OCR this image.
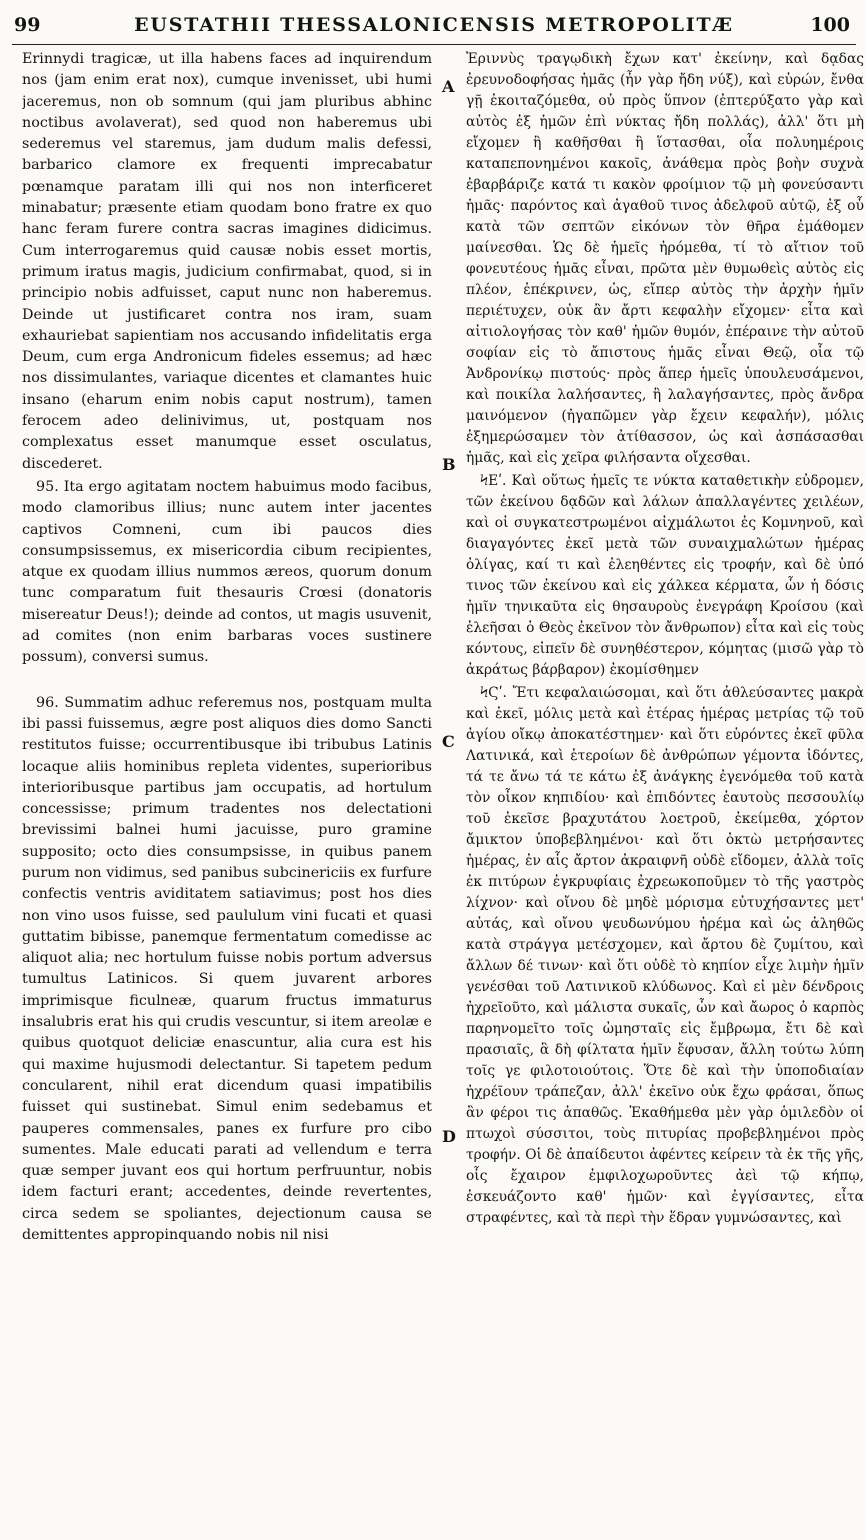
99	EUSTATHII THESSALONICENSIS METROPOLITÆ	100

Erinnydi tragicæ, ut illa habens faces ad inquirendum nos (jam enim erat nox), cumque invenisset, ubi humi jaceremus, non ob somnum (qui jam pluribus abhinc noctibus avolaverat), sed quod non haberemus ubi sederemus vel staremus, jam dudum malis defessi, barbarico clamore ex frequenti imprecabatur pœnamque paratam illi qui nos non interficeret minabatur; præsente etiam quodam bono fratre ex quo hanc feram furere contra sacras imagines didicimus. Cum interrogaremus quid causæ nobis esset mortis, primum iratus magis, judicium confirmabat, quod, si in principio nobis adfuisset, caput nunc non haberemus. Deinde ut justificaret contra nos iram, suam exhauriebat sapientiam nos accusando infidelitatis erga Deum, cum erga Andronicum fideles essemus; ad hæc nos dissimulantes, variaque dicentes et clamantes huic insano (eharum enim nobis caput nostrum), tamen ferocem adeo delinivimus, ut, postquam nos complexatus esset manumque esset osculatus, discederet.

95. Ita ergo agitatam noctem habuimus modo facibus, modo clamoribus illius; nunc autem inter jacentes captivos Comneni, cum ibi paucos dies consumpsissemus, ex misericordia cibum recipientes, atque ex quodam illius nummos æreos, quorum donum tunc comparatum fuit thesauris Crœsi (donatoris misereatur Deus!); deinde ad contos, ut magis usuvenit, ad comites (non enim barbaras voces sustinere possum), conversi sumus.

96. Summatim adhuc referemus nos, postquam multa ibi passi fuissemus, ægre post aliquos dies domo Sancti restitutos fuisse; occurrentibusque ibi tribubus Latinis locaque aliis hominibus repleta videntes, superioribus interioribusque partibus jam occupatis, ad hortulum concessisse; primum tradentes nos delectationi brevissimi balnei humi jacuisse, puro gramine supposito; octo dies consumpsisse, in quibus panem purum non vidimus, sed panibus subcinericiis ex furfure confectis ventris aviditatem satiavimus; post hos dies non vino usos fuisse, sed paululum vini fucati et quasi guttatim bibisse, panemque fermentatum comedisse ac aliquot alia; nec hortulum fuisse nobis portum adversus tumultus Latinicos. Si quem juvarent arbores imprimisque ficulneæ, quarum fructus immaturus insalubris erat his qui crudis vescuntur, si item areolæ e quibus quotquot deliciæ enascuntur, alia cura est his qui maxime hujusmodi delectantur. Si tapetem pedum concularent, nihil erat dicendum quasi impatibilis fuisset qui sustinebat. Simul enim sedebamus et pauperes commensales, panes ex furfure pro cibo sumentes. Male educati parati ad vellendum e terra quæ semper juvant eos qui hortum perfruuntur, nobis idem facturi erant; accedentes, deinde revertentes, circa sedem se spoliantes, dejectionum causa se demittentes appropinquando nobis nil nisi

A
B
C
D

Ἐριννὺς τραγῳδικὴ ἔχων κατ' ἐκείνην, καὶ δᾳδας ἐρευνοδοφήσας ἡμᾶς (ἦν γὰρ ἤδη νύξ), καὶ εὑρών, ἔνθα γῇ ἐκοιταζόμεθα, οὐ πρὸς ὕπνον (ἐπτερύξατο γὰρ καὶ αὐτὸς ἐξ ἡμῶν ἐπὶ νύκτας ἤδη πολλάς), ἀλλ' ὅτι μὴ εἴχομεν ἢ καθῆσθαι ἢ ἵστασθαι, οἷα πολυημέροις καταπεπονημένοι κακοῖς, ἀνάθεμα πρὸς βοὴν συχνὰ ἐβαρβάριζε κατά τι κακὸν φροίμιον τῷ μὴ φονεύσαντι ἡμᾶς· παρόντος καὶ ἀγαθοῦ τινος ἀδελφοῦ αὐτῷ, ἐξ οὗ κατὰ τῶν σεπτῶν εἰκόνων τὸν θῆρα ἐμάθομεν μαίνεσθαι. Ὡς δὲ ἡμεῖς ἠρόμεθα, τί τὸ αἴτιον τοῦ φονευτέους ἡμᾶς εἶναι, πρῶτα μὲν θυμωθεὶς αὐτὸς εἰς πλέον, ἐπέκρινεν, ὡς, εἴπερ αὐτὸς τὴν ἀρχὴν ἡμῖν περιέτυχεν, οὐκ ἂν ἄρτι κεφαλὴν εἴχομεν· εἶτα καὶ αἰτιολογήσας τὸν καθ' ἡμῶν θυμόν, ἐπέραινε τὴν αὐτοῦ σοφίαν εἰς τὸ ἄπιστους ἡμᾶς εἶναι Θεῷ, οἷα τῷ Ἀνδρονίκῳ πιστούς· πρὸς ἅπερ ἡμεῖς ὑπουλευσάμενοι, καὶ ποικίλα λαλήσαντες, ἢ λαλαγήσαντες, πρὸς ἄνδρα μαινόμενον (ἠγαπῶμεν γὰρ ἔχειν κεφαλήν), μόλις ἐξημερώσαμεν τὸν ἀτίθασσον, ὡς καὶ ἀσπάσασθαι ἡμᾶς, καὶ εἰς χεῖρα φιλήσαντα οἴχεσθαι.

ϞΕʹ. Καὶ οὕτως ἡμεῖς τε νύκτα καταθετικὴν εὐδρομεν, τῶν ἐκείνου δᾳδῶν καὶ λάλων ἀπαλλαγέντες χειλέων, καὶ οἱ συγκατεστρωμένοι αἰχμάλωτοι ἐς Κομνηνοῦ, καὶ διαγαγόντες ἐκεῖ μετὰ τῶν συναιχμαλώτων ἡμέρας ὀλίγας, καί τι καὶ ἐλεηθέντες εἰς τροφήν, καὶ δὲ ὑπό τινος τῶν ἐκείνου καὶ εἰς χάλκεα κέρματα, ὧν ἡ δόσις ἡμῖν τηνικαῦτα εἰς θησαυροὺς ἐνεγράφη Κροίσου (καὶ ἐλεῆσαι ὁ Θεὸς ἐκεῖνον τὸν ἄνθρωπον) εἶτα καὶ εἰς τοὺς κόντους, εἰπεῖν δὲ συνηθέστερον, κόμητας (μισῶ γὰρ τὸ ἀκράτως βάρβαρον) ἐκομίσθημεν

ϞϚʹ. Ἔτι κεφαλαιώσομαι, καὶ ὅτι ἀθλεύσαντες μακρὰ καὶ ἐκεῖ, μόλις μετὰ καὶ ἑτέρας ἡμέρας μετρίας τῷ τοῦ ἁγίου οἴκῳ ἀποκατέστημεν· καὶ ὅτι εὑρόντες ἐκεῖ φῦλα Λατινικά, καὶ ἑτεροίων δὲ ἀνθρώπων γέμοντα ἰδόντες, τά τε ἄνω τά τε κάτω ἐξ ἀνάγκης ἐγενόμεθα τοῦ κατὰ τὸν οἶκον κηπιδίου· καὶ ἐπιδόντες ἑαυτοὺς πεσσουλίῳ τοῦ ἐκεῖσε βραχυτάτου λοετροῦ, ἐκείμεθα, χόρτον ἄμικτον ὑποβεβλημένοι· καὶ ὅτι ὀκτὼ μετρήσαντες ἡμέρας, ἐν αἷς ἄρτον ἀκραιφνῆ οὐδὲ εἴδομεν, ἀλλὰ τοῖς ἐκ πιτύρων ἐγκρυφίαις ἐχρεωκοποῦμεν τὸ τῆς γαστρὸς λίχνον· καὶ οἴνου δὲ μηδὲ μόρισμα εὐτυχήσαντες μετ' αὐτάς, καὶ οἴνου ψευδωνύμου ἠρέμα καὶ ὡς ἀληθῶς κατὰ στράγγα μετέσχομεν, καὶ ἄρτου δὲ ζυμίτου, καὶ ἄλλων δέ τινων· καὶ ὅτι οὐδὲ τὸ κηπίον εἶχε λιμὴν ἡμῖν γενέσθαι τοῦ Λατινικοῦ κλύδωνος. Καὶ εἰ μὲν δένδροις ἠχρεῖοῦτο, καὶ μάλιστα συκαῖς, ὧν καὶ ἄωρος ὁ καρπὸς παρηνομεῖτο τοῖς ὠμησταῖς εἰς ἔμβρωμα, ἔτι δὲ καὶ πρασιαῖς, ἃ δὴ φίλτατα ἡμῖν ἔφυσαν, ἄλλη τούτω λύπη τοῖς γε φιλοτοιούτοις. Ὅτε δὲ καὶ τὴν ὑποποδιαίαν ἠχρέῖουν τράπεζαν, ἀλλ' ἐκεῖνο οὐκ ἔχω φράσαι, ὅπως ἂν φέροι τις ἀπαθῶς. Ἐκαθήμεθα μὲν γὰρ ὁμιλεδὸν οἱ πτωχοὶ σύσσιτοι, τοὺς πιτυρίας προβεβλημένοι πρὸς τροφήν. Οἱ δὲ ἀπαίδευτοι ἀφέντες κείρειν τὰ ἐκ τῆς γῆς, οἷς ἔχαιρον ἐμφιλοχωροῦντες ἀεὶ τῷ κήπῳ, ἐσκευάζοντο καθ' ἡμῶν· καὶ ἐγγίσαντες, εἶτα στραφέντες, καὶ τὰ περὶ τὴν ἕδραν γυμνώσαντες, καὶ
